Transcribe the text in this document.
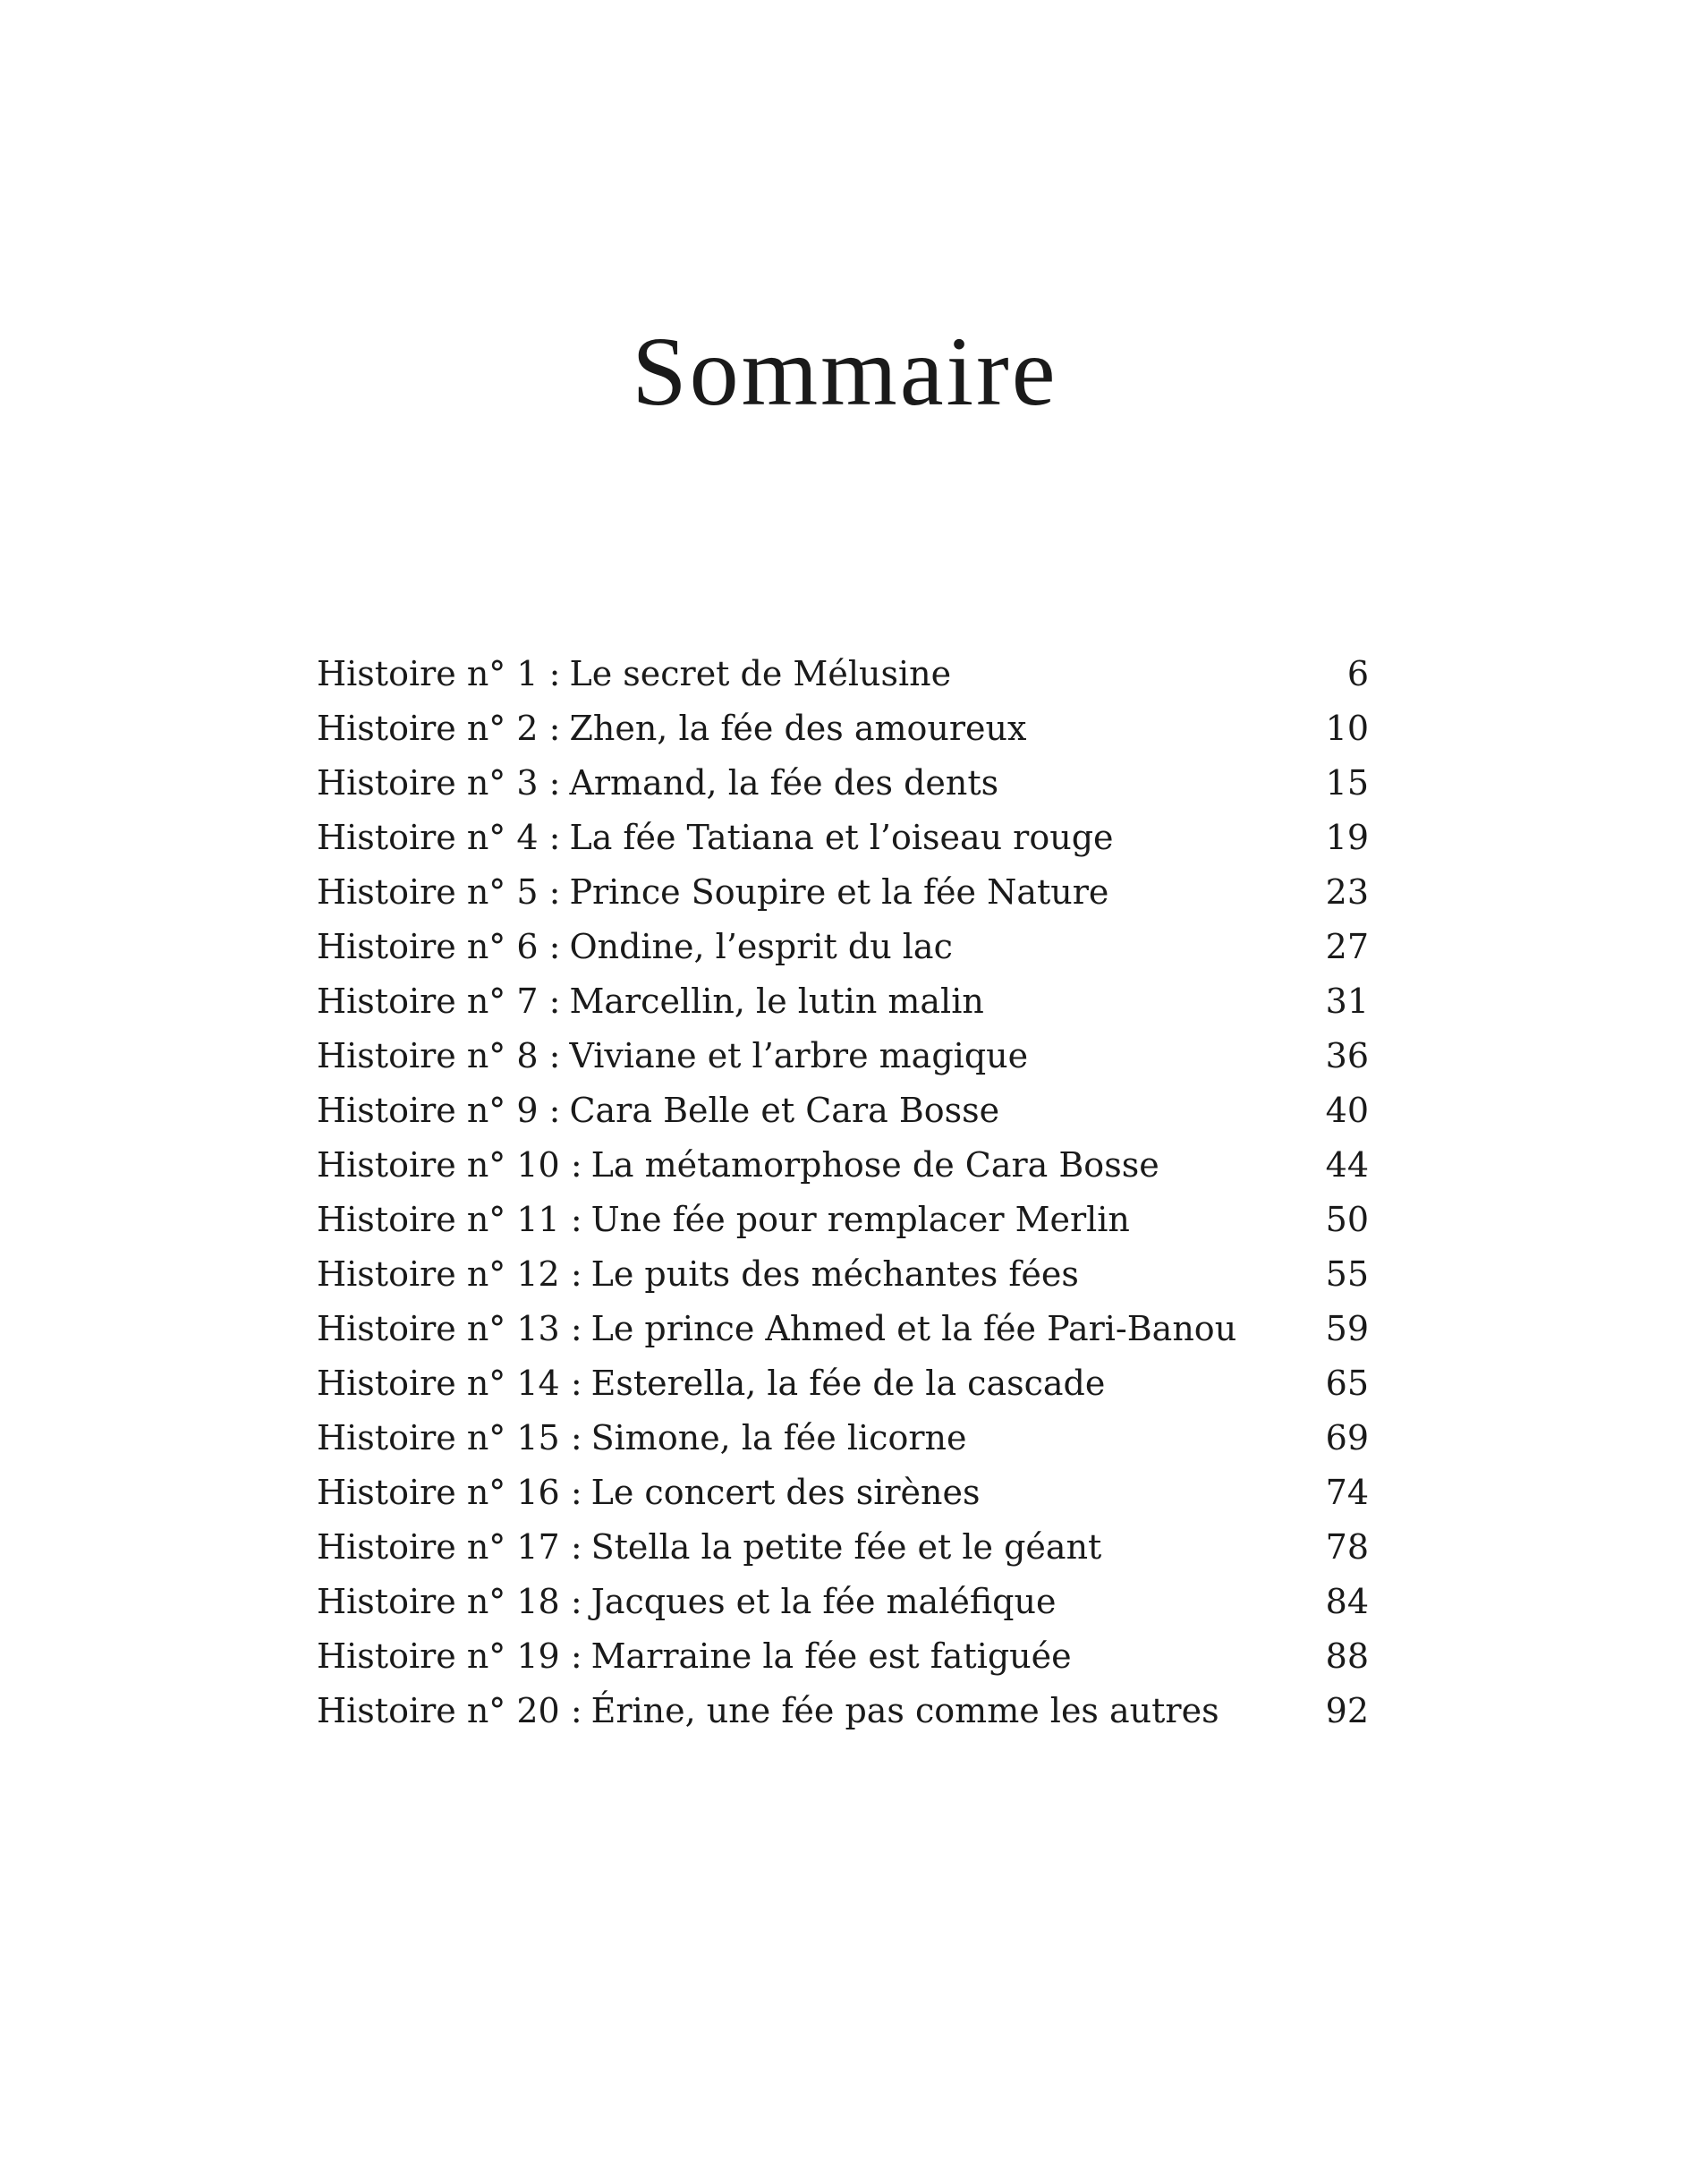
Sommaire
Histoire n° 1 : Le secret de Mélusine	6
Histoire n° 2 : Zhen, la fée des amoureux	10
Histoire n° 3 : Armand, la fée des dents	15
Histoire n° 4 : La fée Tatiana et l’oiseau rouge	19
Histoire n° 5 : Prince Soupire et la fée Nature	23
Histoire n° 6 : Ondine, l’esprit du lac	27
Histoire n° 7 : Marcellin, le lutin malin	31
Histoire n° 8 : Viviane et l’arbre magique	36
Histoire n° 9 : Cara Belle et Cara Bosse	40
Histoire n° 10 : La métamorphose de Cara Bosse	44
Histoire n° 11 : Une fée pour remplacer Merlin	50
Histoire n° 12 : Le puits des méchantes fées	55
Histoire n° 13 : Le prince Ahmed et la fée Pari-Banou	59
Histoire n° 14 : Esterella, la fée de la cascade	65
Histoire n° 15 : Simone, la fée licorne	69
Histoire n° 16 : Le concert des sirènes	74
Histoire n° 17 : Stella la petite fée et le géant	78
Histoire n° 18 : Jacques et la fée maléfique	84
Histoire n° 19 : Marraine la fée est fatiguée	88
Histoire n° 20 : Érine, une fée pas comme les autres	92
